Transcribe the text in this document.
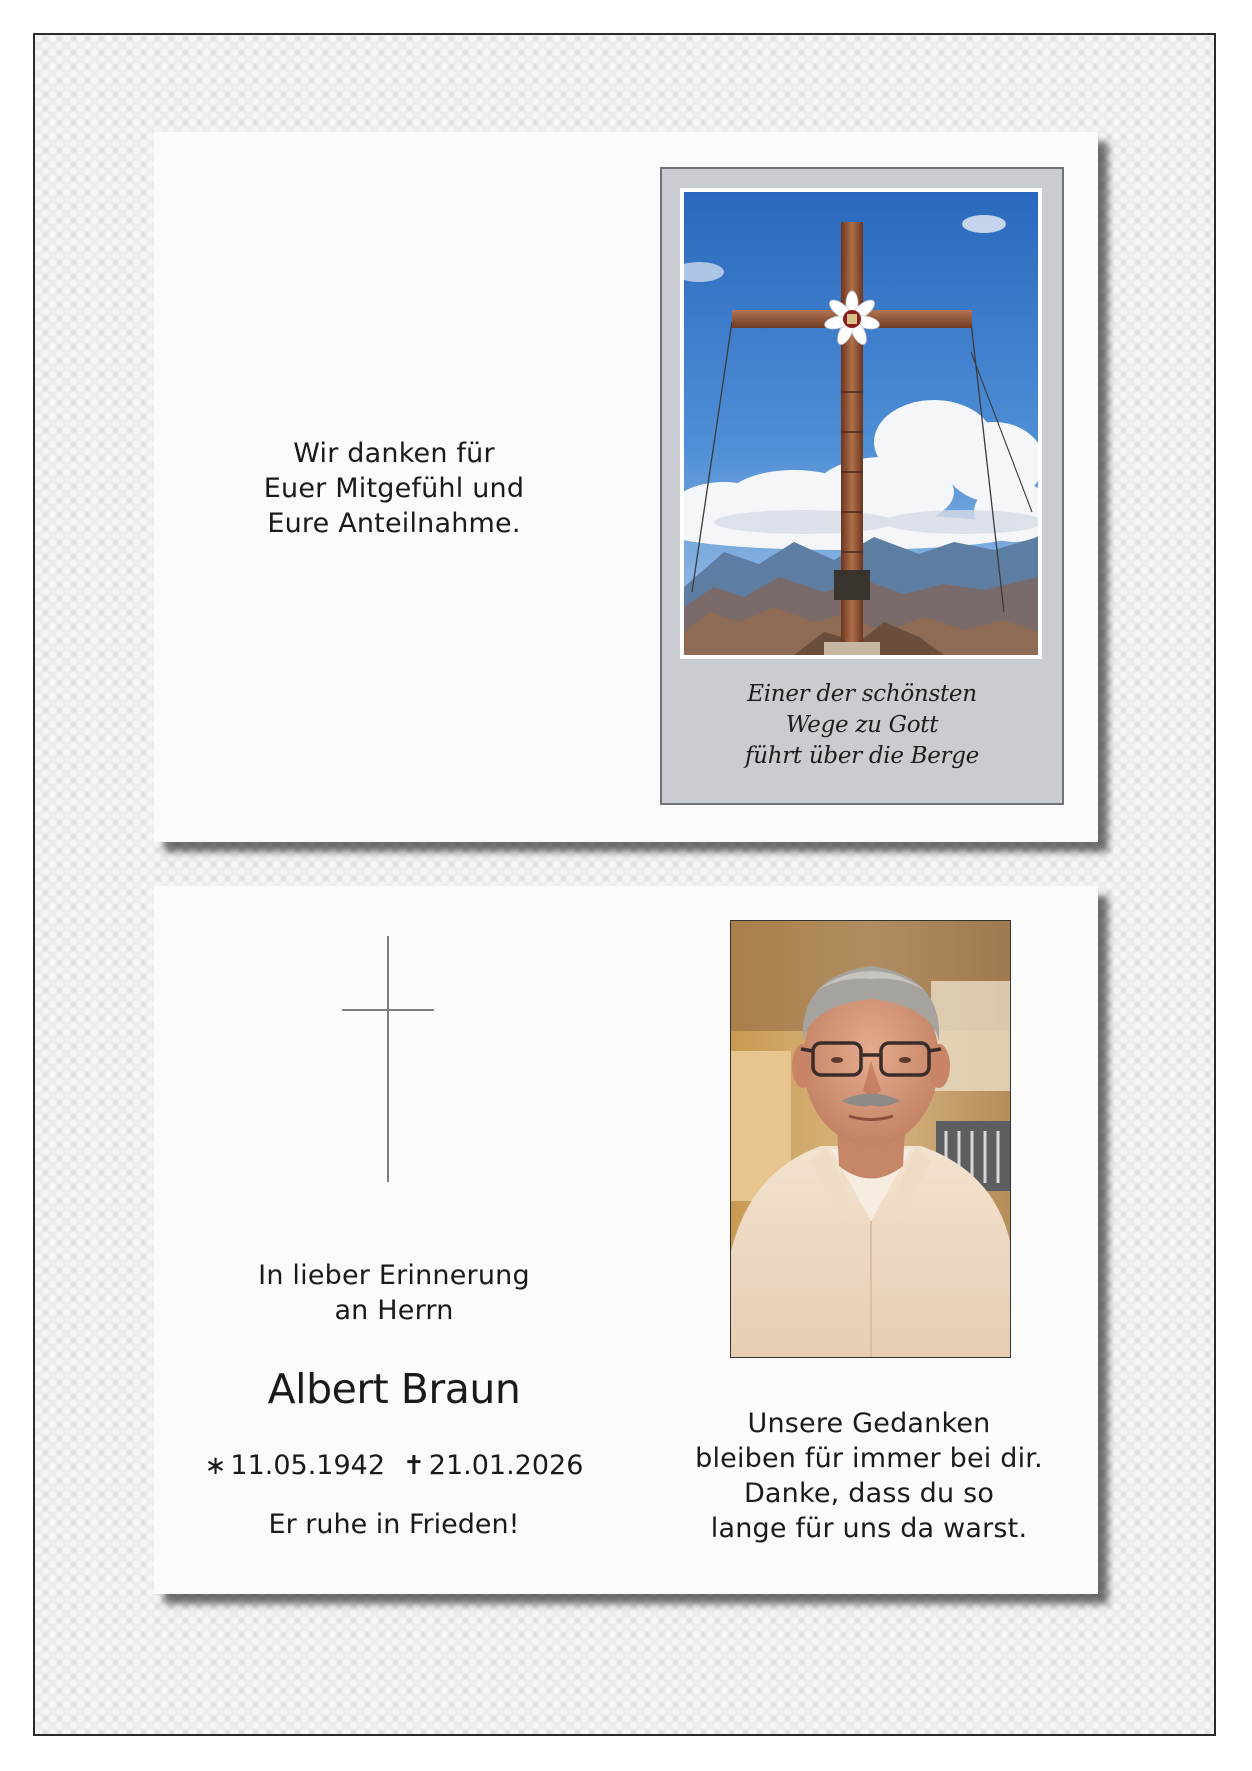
Wir danken für
Euer Mitgefühl und
Eure Anteilnahme.
Einer der schönsten
Wege zu Gott
führt über die Berge
In lieber Erinnerung
an Herrn
Albert Braun
∗ 11.05.1942 ✝ 21.01.2026
Er ruhe in Frieden!
Unsere Gedanken
bleiben für immer bei dir.
Danke, dass du so
lange für uns da warst.
